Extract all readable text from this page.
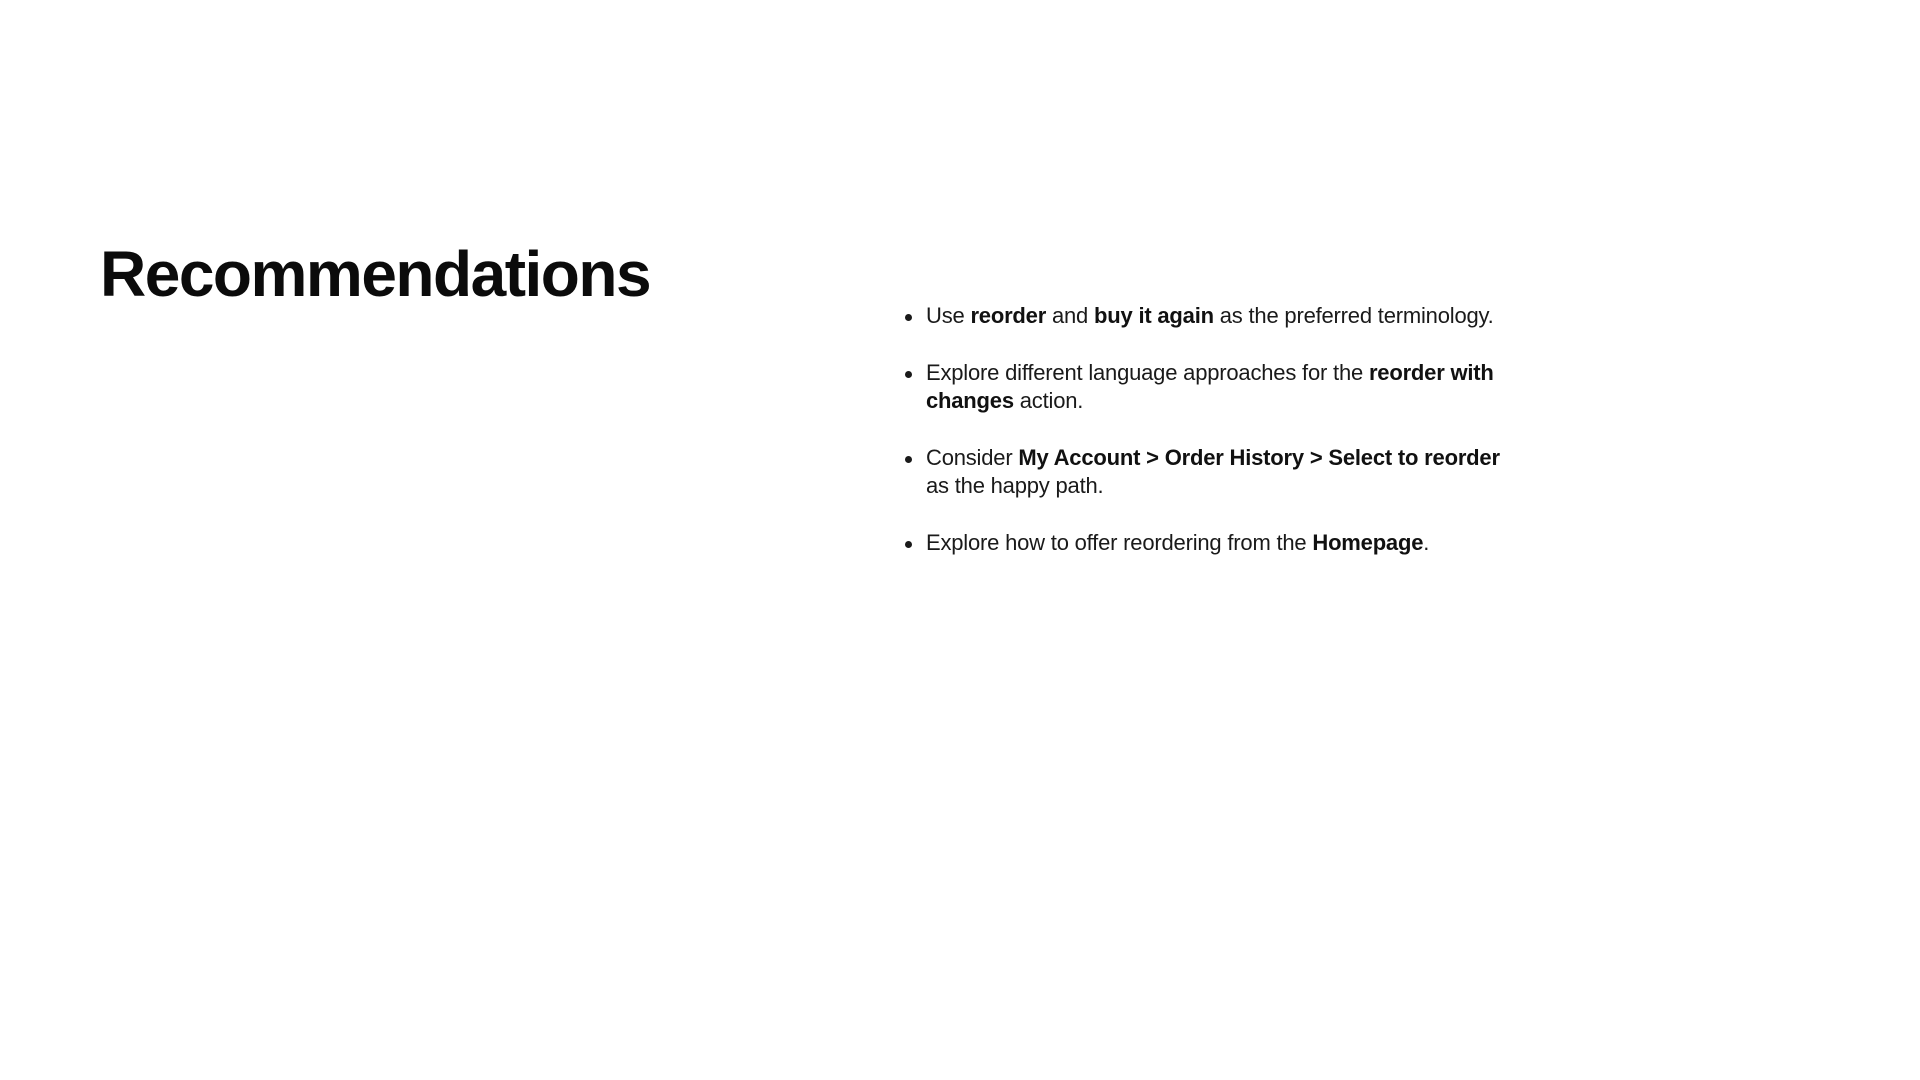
Recommendations
Use reorder and buy it again as the preferred terminology.
Explore different language approaches for the reorder with changes action.
Consider My Account > Order History > Select to reorder as the happy path.
Explore how to offer reordering from the Homepage.
